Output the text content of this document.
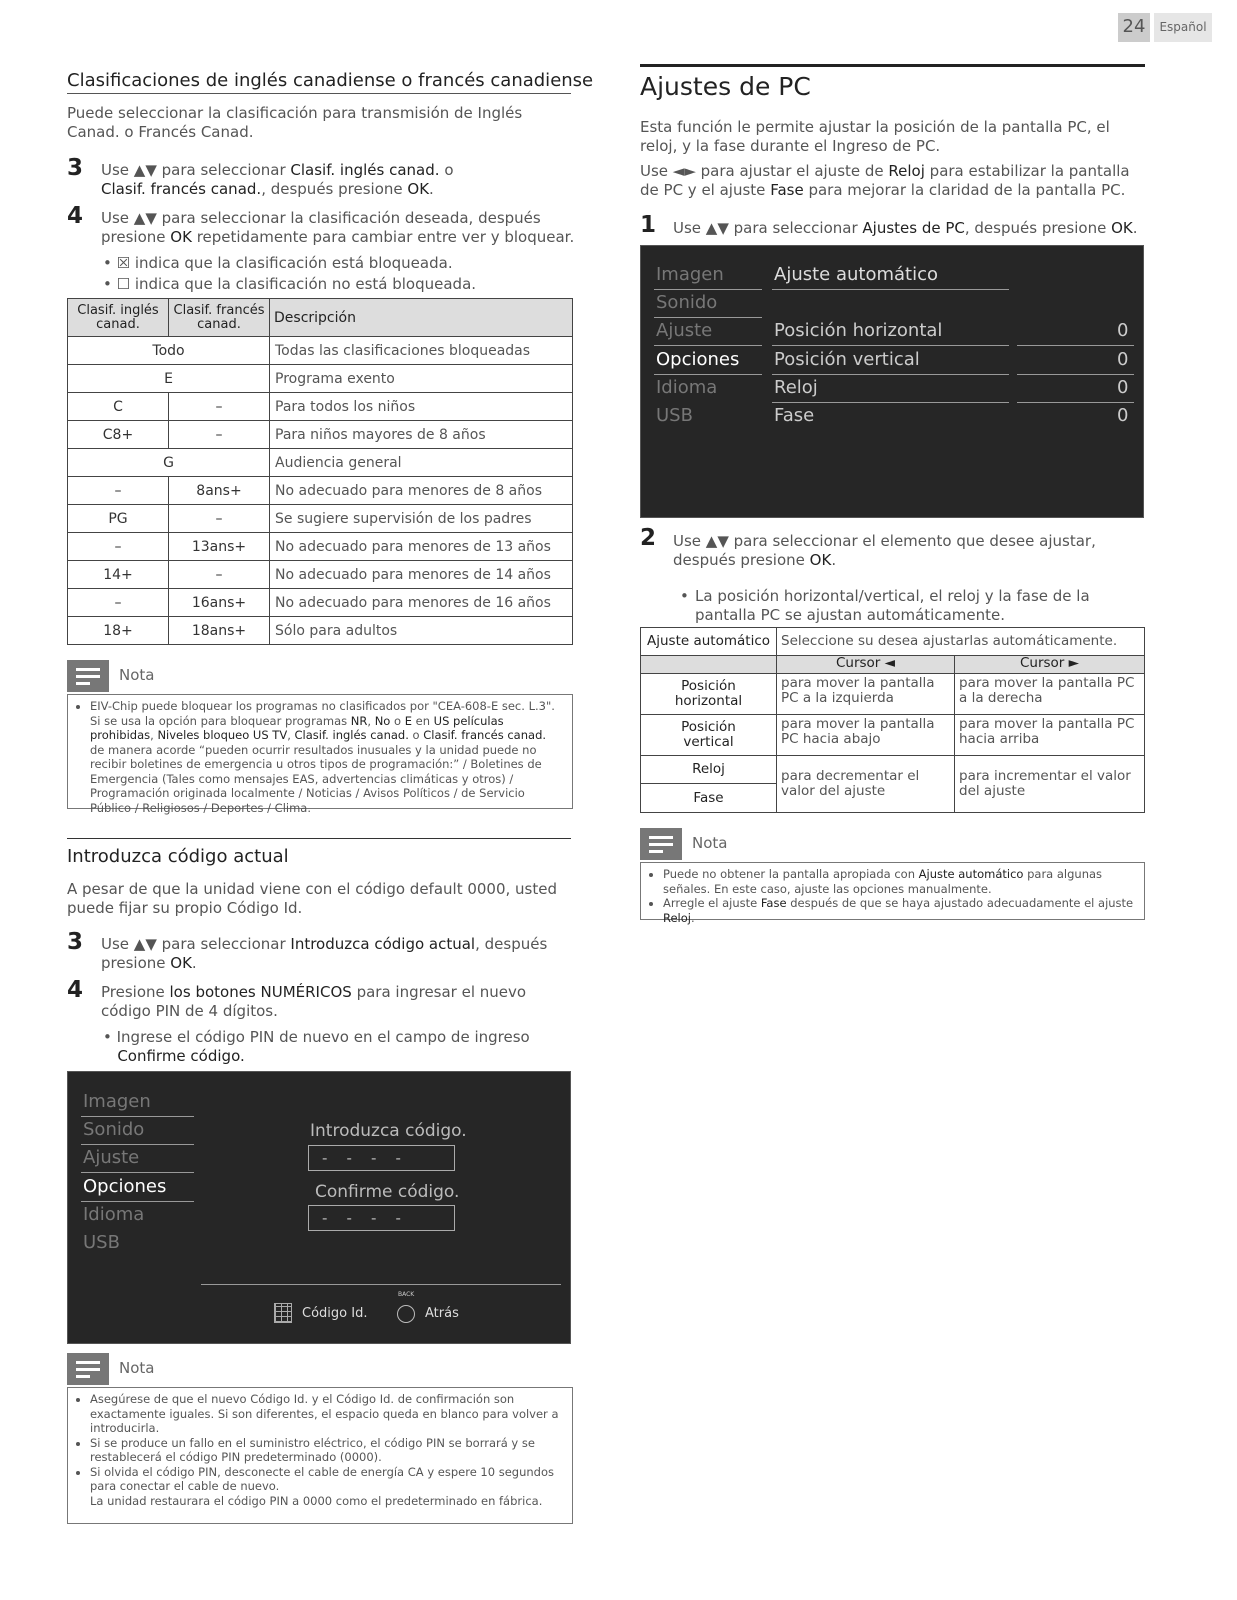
24	Español
Clasificaciones de inglés canadiense o francés canadiense
Puede seleccionar la clasificación para transmisión de Inglés Canad. o Francés Canad.
3 Use ▲▼ para seleccionar Clasif. inglés canad. o
Clasif. francés canad., después presione OK.
4 Use ▲▼ para seleccionar la clasificación deseada, después presione OK repetidamente para cambiar entre ver y bloquear.
• ☒ indica que la clasificación está bloqueada.
• ☐ indica que la clasificación no está bloqueada.
Clasif. inglés canad.	Clasif. francés canad.	Descripción
Todo		Todas las clasificaciones bloqueadas
E		Programa exento
C	–	Para todos los niños
C8+	–	Para niños mayores de 8 años
G		Audiencia general
–	8ans+	No adecuado para menores de 8 años
PG	–	Se sugiere supervisión de los padres
–	13ans+	No adecuado para menores de 13 años
14+	–	No adecuado para menores de 14 años
–	16ans+	No adecuado para menores de 16 años
18+	18ans+	Sólo para adultos
Nota
• EIV-Chip puede bloquear los programas no clasificados por "CEA-608-E sec. L.3". Si se usa la opción para bloquear programas NR, No o E en US películas prohibidas, Niveles bloqueo US TV, Clasif. inglés canad. o Clasif. francés canad. de manera acorde “pueden ocurrir resultados inusuales y la unidad puede no recibir boletines de emergencia u otros tipos de programación:” / Boletines de Emergencia (Tales como mensajes EAS, advertencias climáticas y otros) / Programación originada localmente / Noticias / Avisos Políticos / de Servicio Público / Religiosos / Deportes / Clima.
Introduzca código actual
A pesar de que la unidad viene con el código default 0000, usted puede fijar su propio Código Id.
3 Use ▲▼ para seleccionar Introduzca código actual, después presione OK.
4 Presione los botones NUMÉRICOS para ingresar el nuevo código PIN de 4 dígitos.
• Ingrese el código PIN de nuevo en el campo de ingreso
Confirme código.
Imagen
Sonido
Ajuste
Opciones
Idioma
USB
Introduzca código.
-    -    -    -
Confirme código.
-    -    -    -
Código Id.
BACK
Atrás
Nota
• Asegúrese de que el nuevo Código Id. y el Código Id. de confirmación son exactamente iguales. Si son diferentes, el espacio queda en blanco para volver a introducirla.
• Si se produce un fallo en el suministro eléctrico, el código PIN se borrará y se restablecerá el código PIN predeterminado (0000).
• Si olvida el código PIN, desconecte el cable de energía CA y espere 10 segundos para conectar el cable de nuevo.
La unidad restaurara el código PIN a 0000 como el predeterminado en fábrica.
Ajustes de PC
Esta función le permite ajustar la posición de la pantalla PC, el reloj, y la fase durante el Ingreso de PC.
Use ◄► para ajustar el ajuste de Reloj para estabilizar la pantalla de PC y el ajuste Fase para mejorar la claridad de la pantalla PC.
1 Use ▲▼ para seleccionar Ajustes de PC, después presione OK.
Imagen
Sonido
Ajuste
Opciones
Idioma
USB
Ajuste automático
Posición horizontal	0
Posición vertical	0
Reloj	0
Fase	0
2 Use ▲▼ para seleccionar el elemento que desee ajustar, después presione OK.
• La posición horizontal/vertical, el reloj y la fase de la pantalla PC se ajustan automáticamente.
Ajuste automático	Seleccione su desea ajustarlas automáticamente.	
	Cursor ◄	Cursor ►
Posición horizontal	para mover la pantalla PC a la izquierda	para mover la pantalla PC a la derecha
Posición vertical	para mover la pantalla PC hacia abajo	para mover la pantalla PC hacia arriba
Reloj	para decrementar el valor del ajuste	para incrementar el valor del ajuste
Fase		
Nota
• Puede no obtener la pantalla apropiada con Ajuste automático para algunas señales. En este caso, ajuste las opciones manualmente.
• Arregle el ajuste Fase después de que se haya ajustado adecuadamente el ajuste Reloj.
